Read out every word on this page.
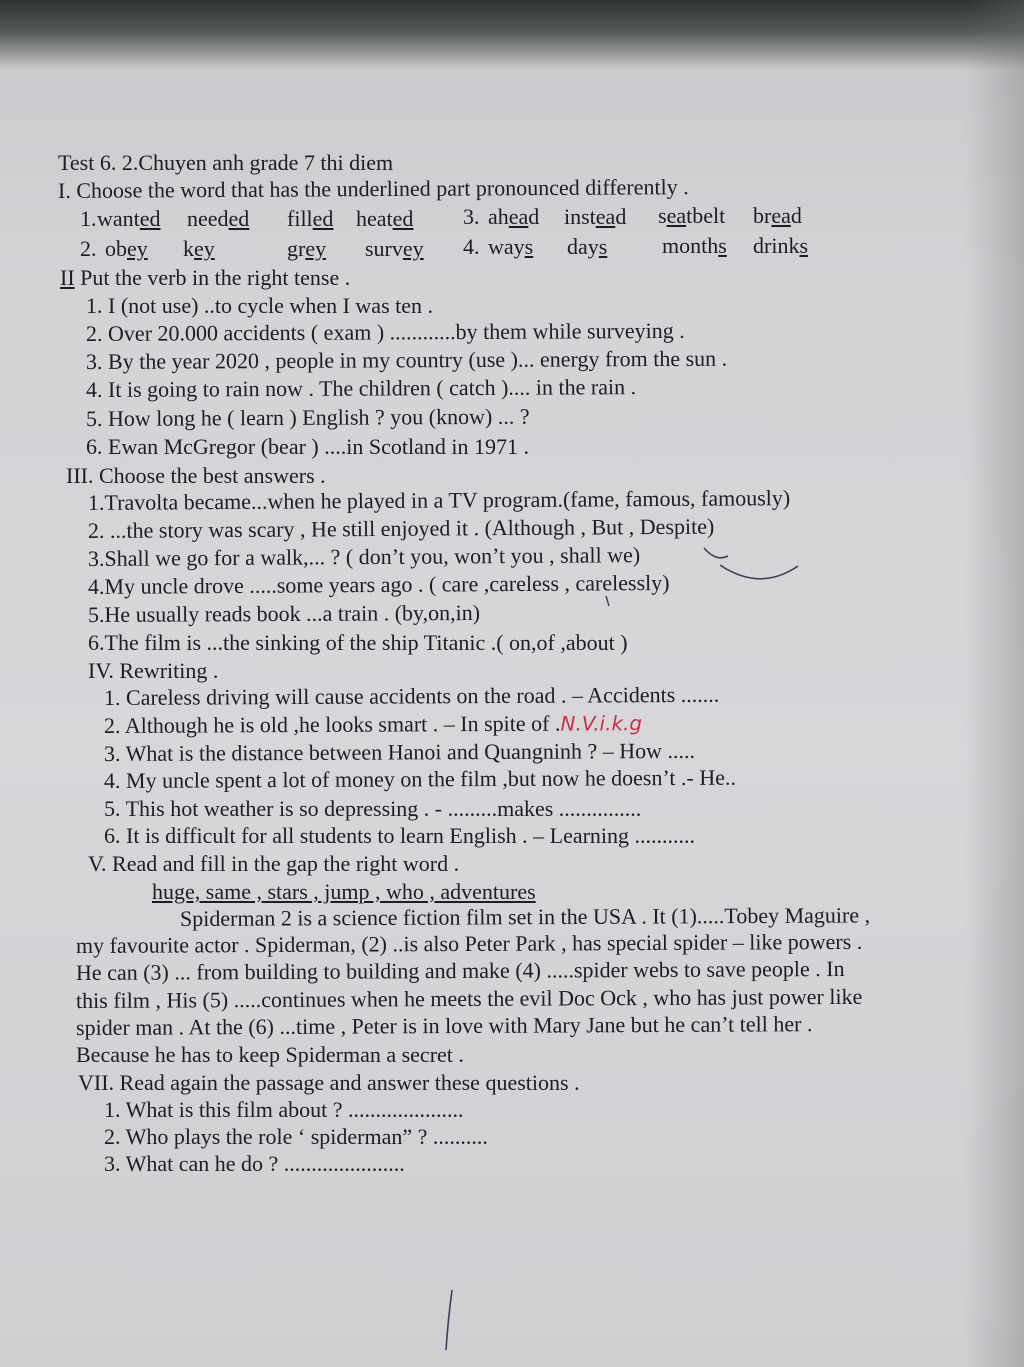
Test 6. 2.Chuyen anh grade 7 thi diem
I. Choose the word that has the underlined part pronounced differently .
1. wanted needed filled heated 3. ahead instead seatbelt bread
2. obey key	grey survey 4. ways days months drinks
II Put the verb in the right tense .
1. I (not use) ..to cycle when I was ten .
2. Over 20.000 accidents ( exam ) ............by them while surveying .
3. By the year 2020 , people in my country (use )... energy from the sun .
4. It is going to rain now . The children ( catch ).... in the rain .
5. How long he ( learn ) English ? you (know) ... ?
6. Ewan McGregor (bear ) ....in Scotland in 1971 .
III. Choose the best answers .
1.Travolta became...when he played in a TV program.(fame, famous, famously)
2. ...the story was scary , He still enjoyed it . (Although , But , Despite)
3.Shall we go for a walk,... ? ( don’t you, won’t you , shall we)
4.My uncle drove .....some years ago . ( care ,careless , carelessly)
5.He usually reads book ...a train . (by,on,in)
6.The film is ...the sinking of the ship Titanic .( on,of ,about )
IV. Rewriting .
1. Careless driving will cause accidents on the road . – Accidents .......
2. Although he is old ,he looks smart . – In spite of .N.V.i.k.g
3. What is the distance between Hanoi and Quangninh ? – How .....
4. My uncle spent a lot of money on the film ,but now he doesn’t .- He..
5. This hot weather is so depressing . - .........makes ...............
6. It is difficult for all students to learn English . – Learning ...........
V. Read and fill in the gap the right word .
huge, same , stars , jump , who , adventures
Spiderman 2 is a science fiction film set in the USA . It (1).....Tobey Maguire ,
my favourite actor . Spiderman, (2) ..is also Peter Park , has special spider – like powers .
He can (3) ... from building to building and make (4) .....spider webs to save people . In
this film , His (5) .....continues when he meets the evil Doc Ock , who has just power like
spider man . At the (6) ...time , Peter is in love with Mary Jane but he can’t tell her .
Because he has to keep Spiderman a secret .
VII. Read again the passage and answer these questions .
1. What is this film about ? .....................
2. Who plays the role ‘ spiderman” ? ..........
3. What can he do ? ......................
